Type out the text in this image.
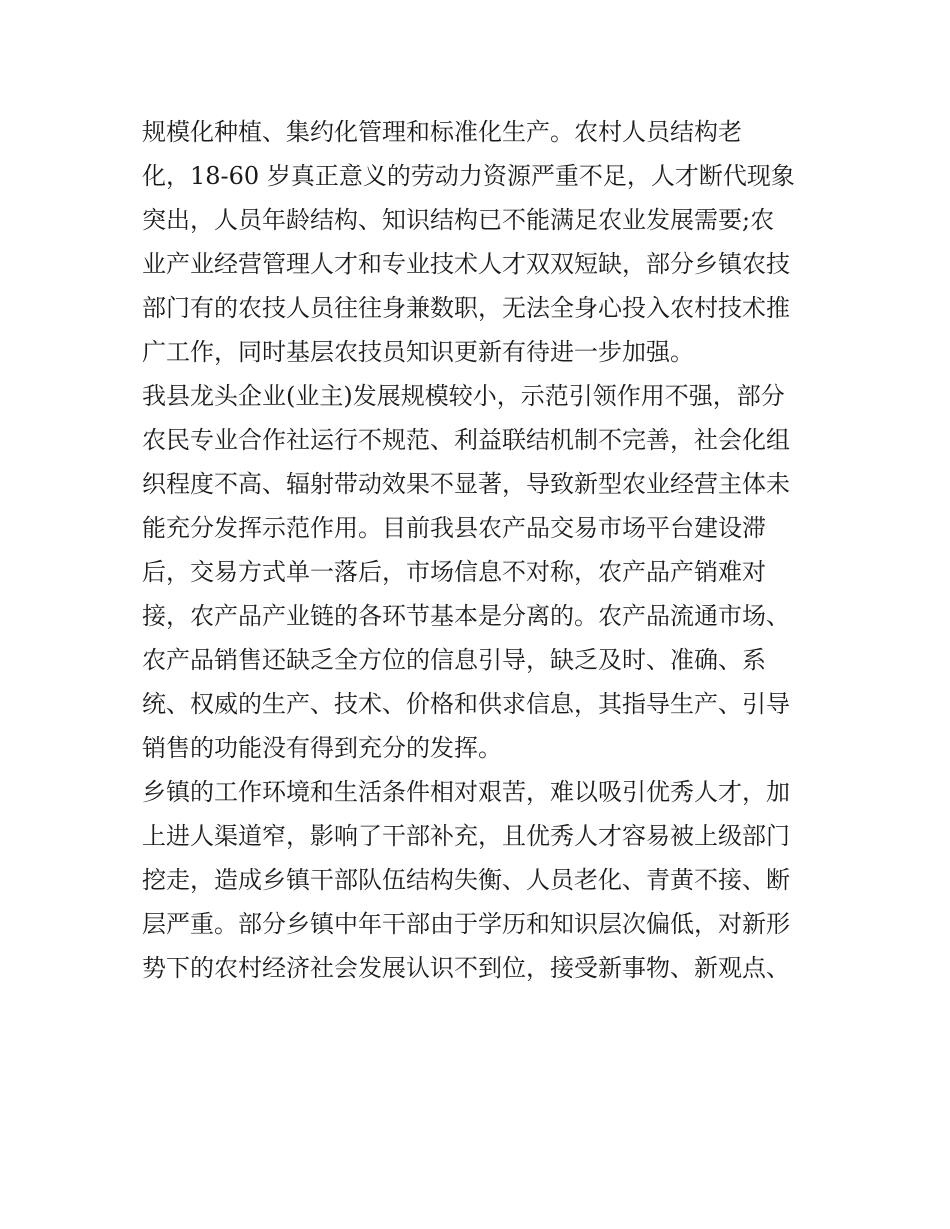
规模化种植、集约化管理和标准化生产。农村人员结构老
化，18-60 岁真正意义的劳动力资源严重不足，人才断代现象
突出，人员年龄结构、知识结构已不能满足农业发展需要;农
业产业经营管理人才和专业技术人才双双短缺，部分乡镇农技
部门有的农技人员往往身兼数职，无法全身心投入农村技术推
广工作，同时基层农技员知识更新有待进一步加强。
我县龙头企业(业主)发展规模较小，示范引领作用不强，部分
农民专业合作社运行不规范、利益联结机制不完善，社会化组
织程度不高、辐射带动效果不显著，导致新型农业经营主体未
能充分发挥示范作用。目前我县农产品交易市场平台建设滞
后，交易方式单一落后，市场信息不对称，农产品产销难对
接，农产品产业链的各环节基本是分离的。农产品流通市场、
农产品销售还缺乏全方位的信息引导，缺乏及时、准确、系
统、权威的生产、技术、价格和供求信息，其指导生产、引导
销售的功能没有得到充分的发挥。
乡镇的工作环境和生活条件相对艰苦，难以吸引优秀人才，加
上进人渠道窄，影响了干部补充，且优秀人才容易被上级部门
挖走，造成乡镇干部队伍结构失衡、人员老化、青黄不接、断
层严重。部分乡镇中年干部由于学历和知识层次偏低，对新形
势下的农村经济社会发展认识不到位，接受新事物、新观点、
